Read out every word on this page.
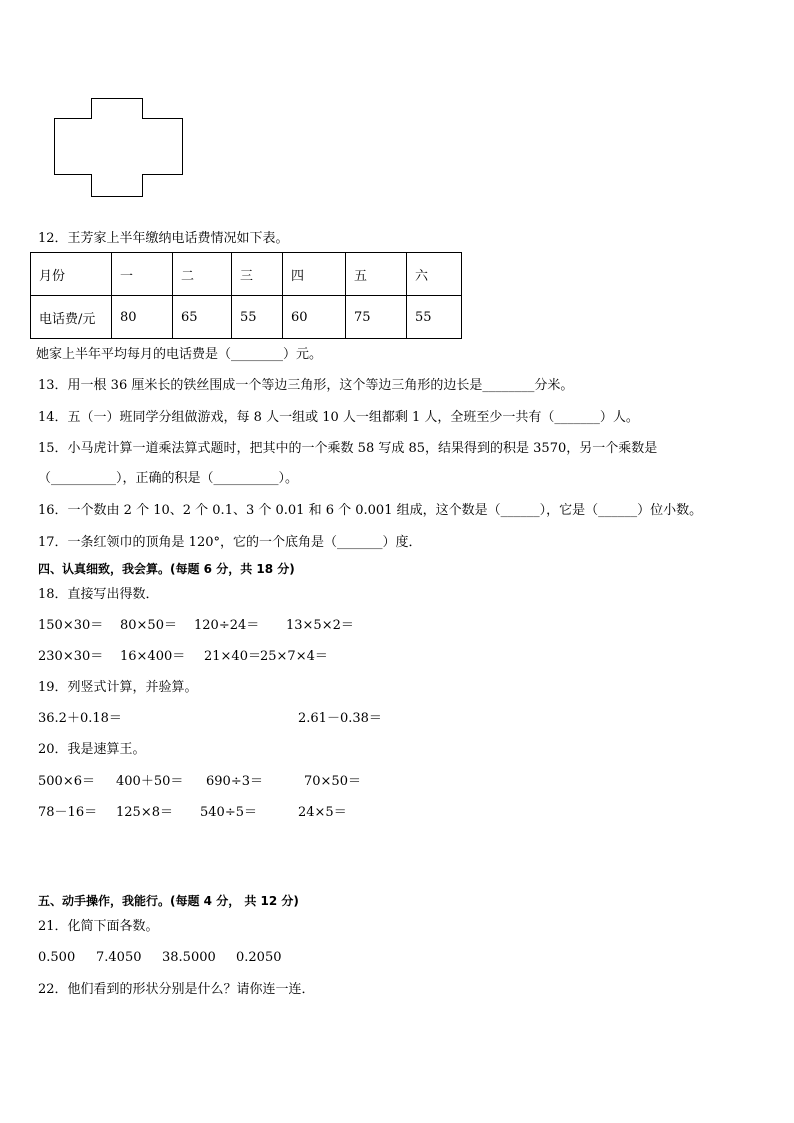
12．王芳家上半年缴纳电话费情况如下表。
月份	一	二	三	四	五	六
电话费/元	80	65	55	60	75	55
她家上半年平均每月的电话费是（________）元。
13．用一根 36 厘米长的铁丝围成一个等边三角形，这个等边三角形的边长是________分米。
14．五（一）班同学分组做游戏，每 8 人一组或 10 人一组都剩 1 人，全班至少一共有（_______）人。
15．小马虎计算一道乘法算式题时，把其中的一个乘数 58 写成 85，结果得到的积是 3570，另一个乘数是
（__________），正确的积是（__________）。
16．一个数由 2 个 10、2 个 0.1、3 个 0.01 和 6 个 0.001 组成，这个数是（______），它是（______）位小数。
17．一条红领巾的顶角是 120°，它的一个底角是（_______）度．
四、认真细致，我会算。(每题 6 分，共 18 分)
18．直接写出得数．
150×30＝ 80×50＝ 120÷24＝ 13×5×2＝
230×30＝ 16×400＝ 21×40＝25×7×4＝
19．列竖式计算，并验算。
36.2＋0.18＝	2.61－0.38＝
20．我是速算王。
500×6＝ 400＋50＝ 690÷3＝	70×50＝
78－16＝ 125×8＝ 540÷5＝	24×5＝
五、动手操作，我能行。(每题 4 分， 共 12 分)
21．化简下面各数。
0.500 7.4050 38.5000 0.2050
22．他们看到的形状分别是什么？请你连一连．
